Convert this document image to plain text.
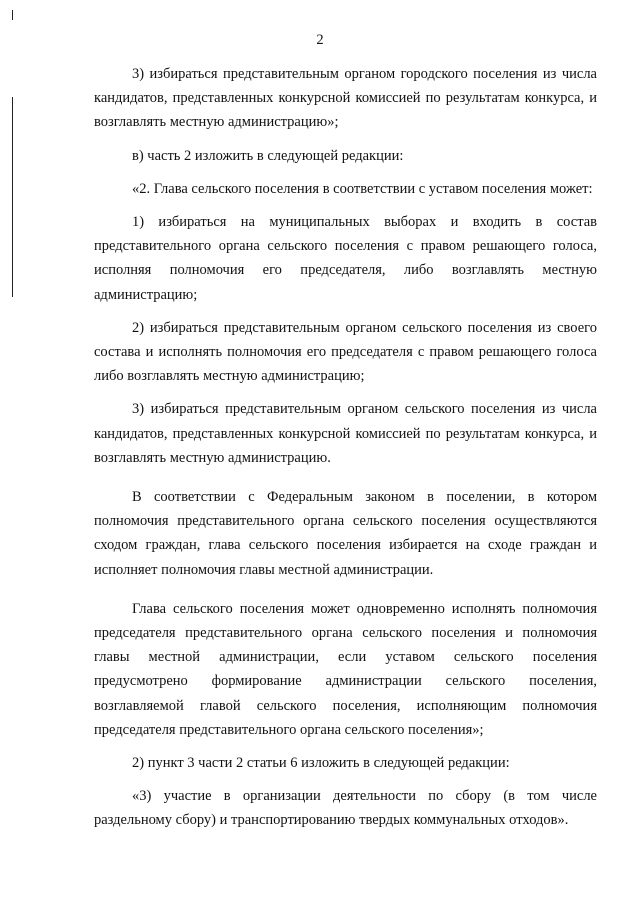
2

3) избираться представительным органом городского поселения из числа кандидатов, представленных конкурсной комиссией по результатам конкурса, и возглавлять местную администрацию»;

в) часть 2 изложить в следующей редакции:

«2. Глава сельского поселения в соответствии с уставом поселения может:

1) избираться на муниципальных выборах и входить в состав представительного органа сельского поселения с правом решающего голоса, исполняя полномочия его председателя, либо возглавлять местную администрацию;

2) избираться представительным органом сельского поселения из своего состава и исполнять полномочия его председателя с правом решающего голоса либо возглавлять местную администрацию;

3) избираться представительным органом сельского поселения из числа кандидатов, представленных конкурсной комиссией по результатам конкурса, и возглавлять местную администрацию.

В соответствии с Федеральным законом в поселении, в котором полномочия представительного органа сельского поселения осуществляются сходом граждан, глава сельского поселения избирается на сходе граждан и исполняет полномочия главы местной администрации.

Глава сельского поселения может одновременно исполнять полномочия председателя представительного органа сельского поселения и полномочия главы местной администрации, если уставом сельского поселения предусмотрено формирование администрации сельского поселения, возглавляемой главой сельского поселения, исполняющим полномочия председателя представительного органа сельского поселения»;

2) пункт 3 части 2 статьи 6 изложить в следующей редакции:

«3) участие в организации деятельности по сбору (в том числе раздельному сбору) и транспортированию твердых коммунальных отходов».
